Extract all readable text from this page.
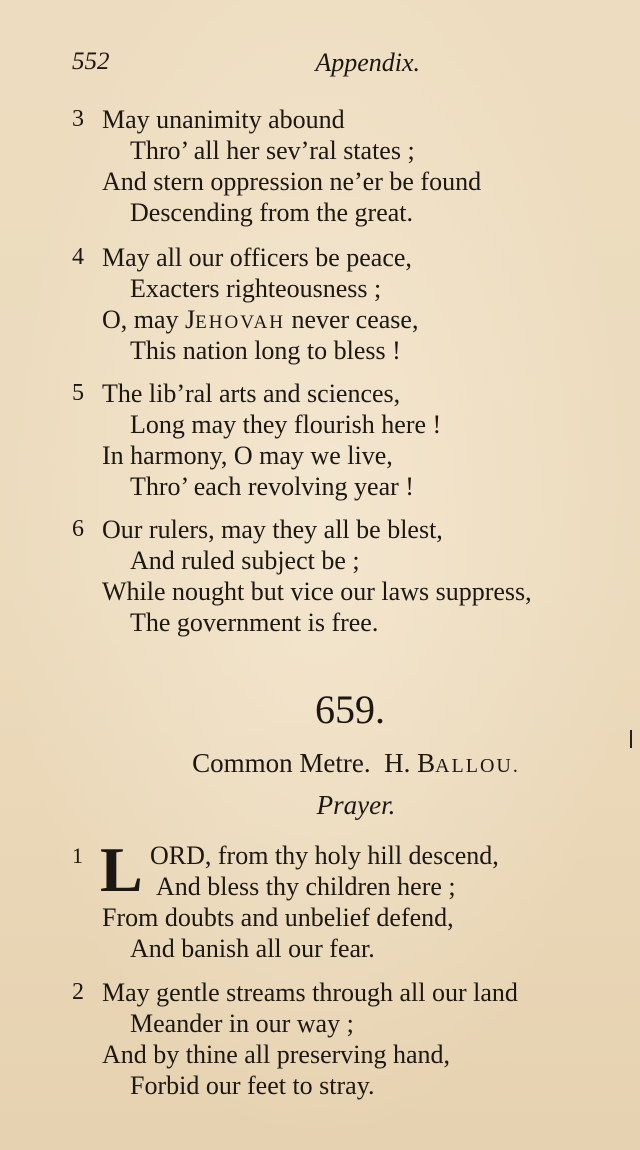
552	Appendix.
3 May unanimity abound
Thro’ all her sev’ral states ;
And stern oppression ne’er be found
Descending from the great.
4 May all our officers be peace,
Exacters righteousness ;
O, may JEHOVAH never cease,
This nation long to bless !
5 The lib’ral arts and sciences,
Long may they flourish here !
In harmony, O may we live,
Thro’ each revolving year !
6 Our rulers, may they all be blest,
And ruled subject be ;
While nought but vice our laws suppress,
The government is free.
659.
Common Metre. H. BALLOU.
Prayer.
1 L ORD, from thy holy hill descend,
And bless thy children here ;
From doubts and unbelief defend,
And banish all our fear.
2 May gentle streams through all our land
Meander in our way ;
And by thine all preserving hand,
Forbid our feet to stray.
